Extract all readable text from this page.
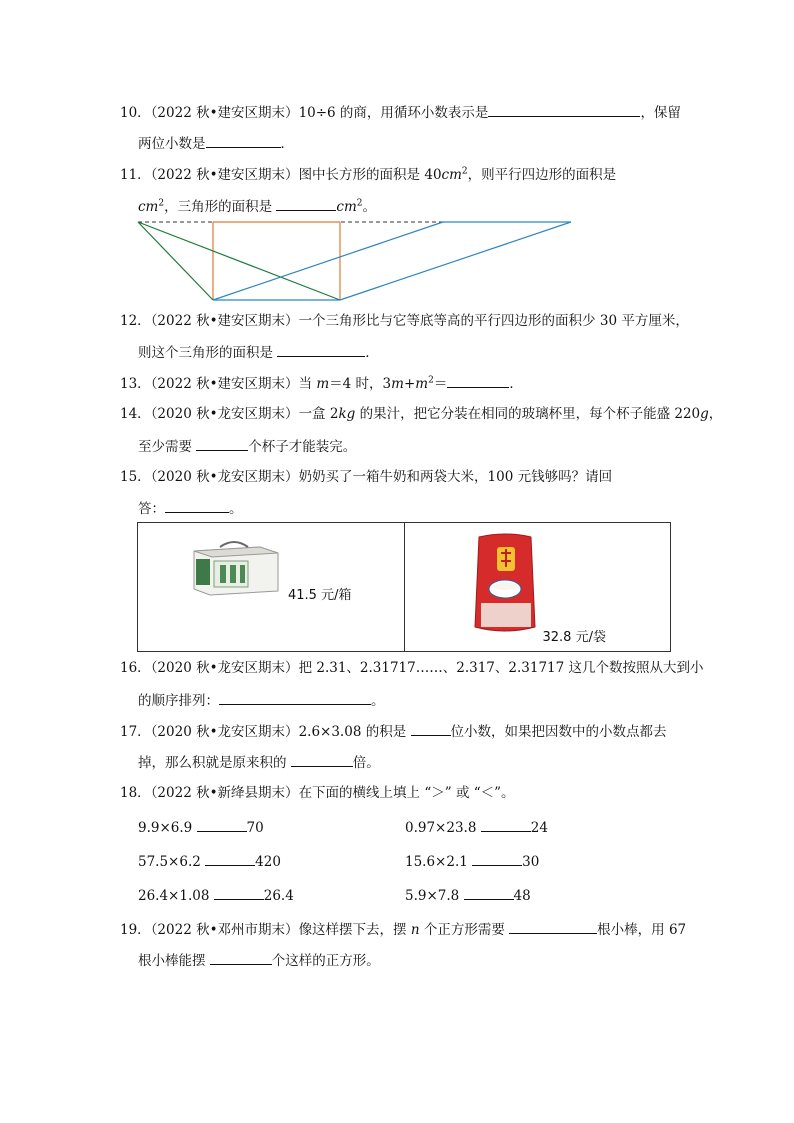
10．（2022 秋•建安区期末）10÷6 的商，用循环小数表示是	，保留
两位小数是	．
11．（2022 秋•建安区期末）图中长方形的面积是 $40cm^2$，则平行四边形的面积是
$cm^2$，三角形的面积是	$cm^2$。
12．（2022 秋•建安区期末）一个三角形比与它等底等高的平行四边形的面积少 30 平方厘米，
则这个三角形的面积是	．
13．（2022 秋•建安区期末）当 m＝4 时，$3m+m^2=$	．
14．（2020 秋•龙安区期末）一盒 2kg 的果汁，把它分装在相同的玻璃杯里，每个杯子能盛 220g，
至少需要	个杯子才能装完。
15．（2020 秋•龙安区期末）奶奶买了一箱牛奶和两袋大米，100 元钱够吗？请回
答：	。
41.5 元/箱

32.8 元/袋
16．（2020 秋•龙安区期末）把 2.31、2.31717……、2.317、2.31717 这几个数按照从大到小
的顺序排列：	。
17．（2020 秋•龙安区期末）2.6×3.08 的积是	位小数，如果把因数中的小数点都去
掉，那么积就是原来积的	倍。
18．（2022 秋•新绛县期末）在下面的横线上填上 “＞” 或 “＜”。
9.9×6.9	70	0.97×23.8	24
57.5×6.2	420	15.6×2.1	30
26.4×1.08	26.4	5.9×7.8	48
19．（2022 秋•邓州市期末）像这样摆下去，摆 n 个正方形需要	根小棒，用 67
根小棒能摆	个这样的正方形。
